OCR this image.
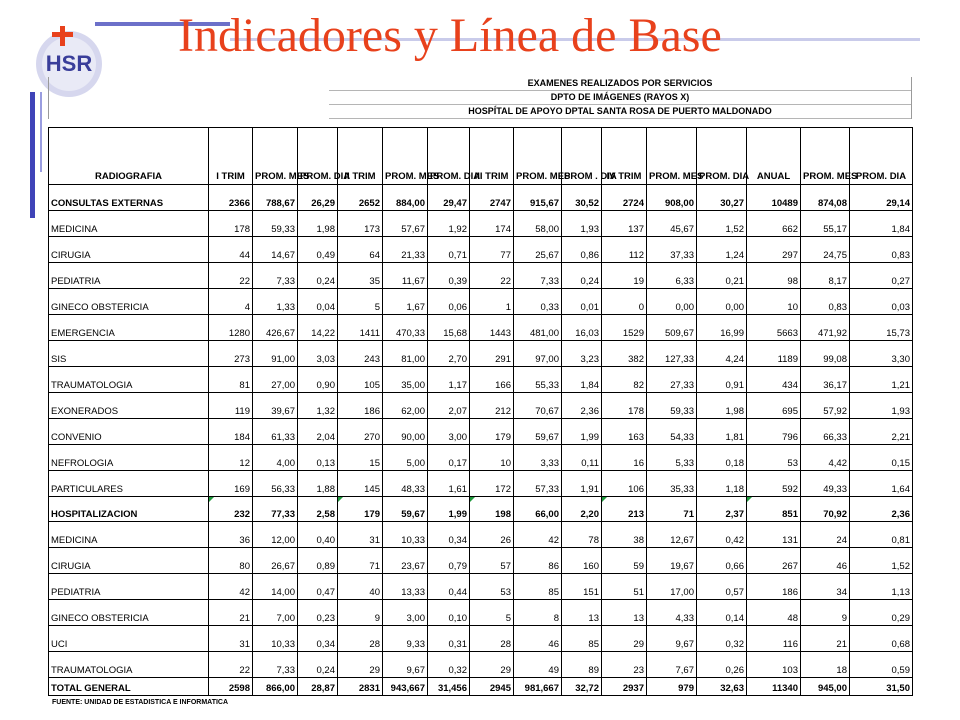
HSR
Indicadores y Línea de Base
EXAMENES REALIZADOS POR SERVICIOS
DPTO DE IMÁGENES (RAYOS X)
HOSPÍTAL DE APOYO DPTAL SANTA ROSA DE PUERTO MALDONADO
RADIOGRAFIA	I TRIM	PROM. MES	PROM. DIA	II TRIM	PROM. MES	PROM. DIA	III TRIM	PROM. MES	PROM . DIA	IV TRIM	PROM. MES	PROM. DIA	ANUAL	PROM. MES	PROM. DIA
CONSULTAS EXTERNAS	2366	788,67	26,29	2652	884,00	29,47	2747	915,67	30,52	2724	908,00	30,27	10489	874,08	29,14
MEDICINA	178	59,33	1,98	173	57,67	1,92	174	58,00	1,93	137	45,67	1,52	662	55,17	1,84
CIRUGIA	44	14,67	0,49	64	21,33	0,71	77	25,67	0,86	112	37,33	1,24	297	24,75	0,83
PEDIATRIA	22	7,33	0,24	35	11,67	0,39	22	7,33	0,24	19	6,33	0,21	98	8,17	0,27
GINECO OBSTERICIA	4	1,33	0,04	5	1,67	0,06	1	0,33	0,01	0	0,00	0,00	10	0,83	0,03
EMERGENCIA	1280	426,67	14,22	1411	470,33	15,68	1443	481,00	16,03	1529	509,67	16,99	5663	471,92	15,73
SIS	273	91,00	3,03	243	81,00	2,70	291	97,00	3,23	382	127,33	4,24	1189	99,08	3,30
TRAUMATOLOGIA	81	27,00	0,90	105	35,00	1,17	166	55,33	1,84	82	27,33	0,91	434	36,17	1,21
EXONERADOS	119	39,67	1,32	186	62,00	2,07	212	70,67	2,36	178	59,33	1,98	695	57,92	1,93
CONVENIO	184	61,33	2,04	270	90,00	3,00	179	59,67	1,99	163	54,33	1,81	796	66,33	2,21
NEFROLOGIA	12	4,00	0,13	15	5,00	0,17	10	3,33	0,11	16	5,33	0,18	53	4,42	0,15
PARTICULARES	169	56,33	1,88	145	48,33	1,61	172	57,33	1,91	106	35,33	1,18	592	49,33	1,64
HOSPITALIZACION	232	77,33	2,58	179	59,67	1,99	198	66,00	2,20	213	71	2,37	851	70,92	2,36
MEDICINA	36	12,00	0,40	31	10,33	0,34	26	42	78	38	12,67	0,42	131	24	0,81
CIRUGIA	80	26,67	0,89	71	23,67	0,79	57	86	160	59	19,67	0,66	267	46	1,52
PEDIATRIA	42	14,00	0,47	40	13,33	0,44	53	85	151	51	17,00	0,57	186	34	1,13
GINECO OBSTERICIA	21	7,00	0,23	9	3,00	0,10	5	8	13	13	4,33	0,14	48	9	0,29
UCI	31	10,33	0,34	28	9,33	0,31	28	46	85	29	9,67	0,32	116	21	0,68
TRAUMATOLOGIA	22	7,33	0,24	29	9,67	0,32	29	49	89	23	7,67	0,26	103	18	0,59
TOTAL GENERAL	2598	866,00	28,87	2831	943,667	31,456	2945	981,667	32,72	2937	979	32,63	11340	945,00	31,50
FUENTE: UNIDAD DE ESTADISTICA E INFORMATICA
